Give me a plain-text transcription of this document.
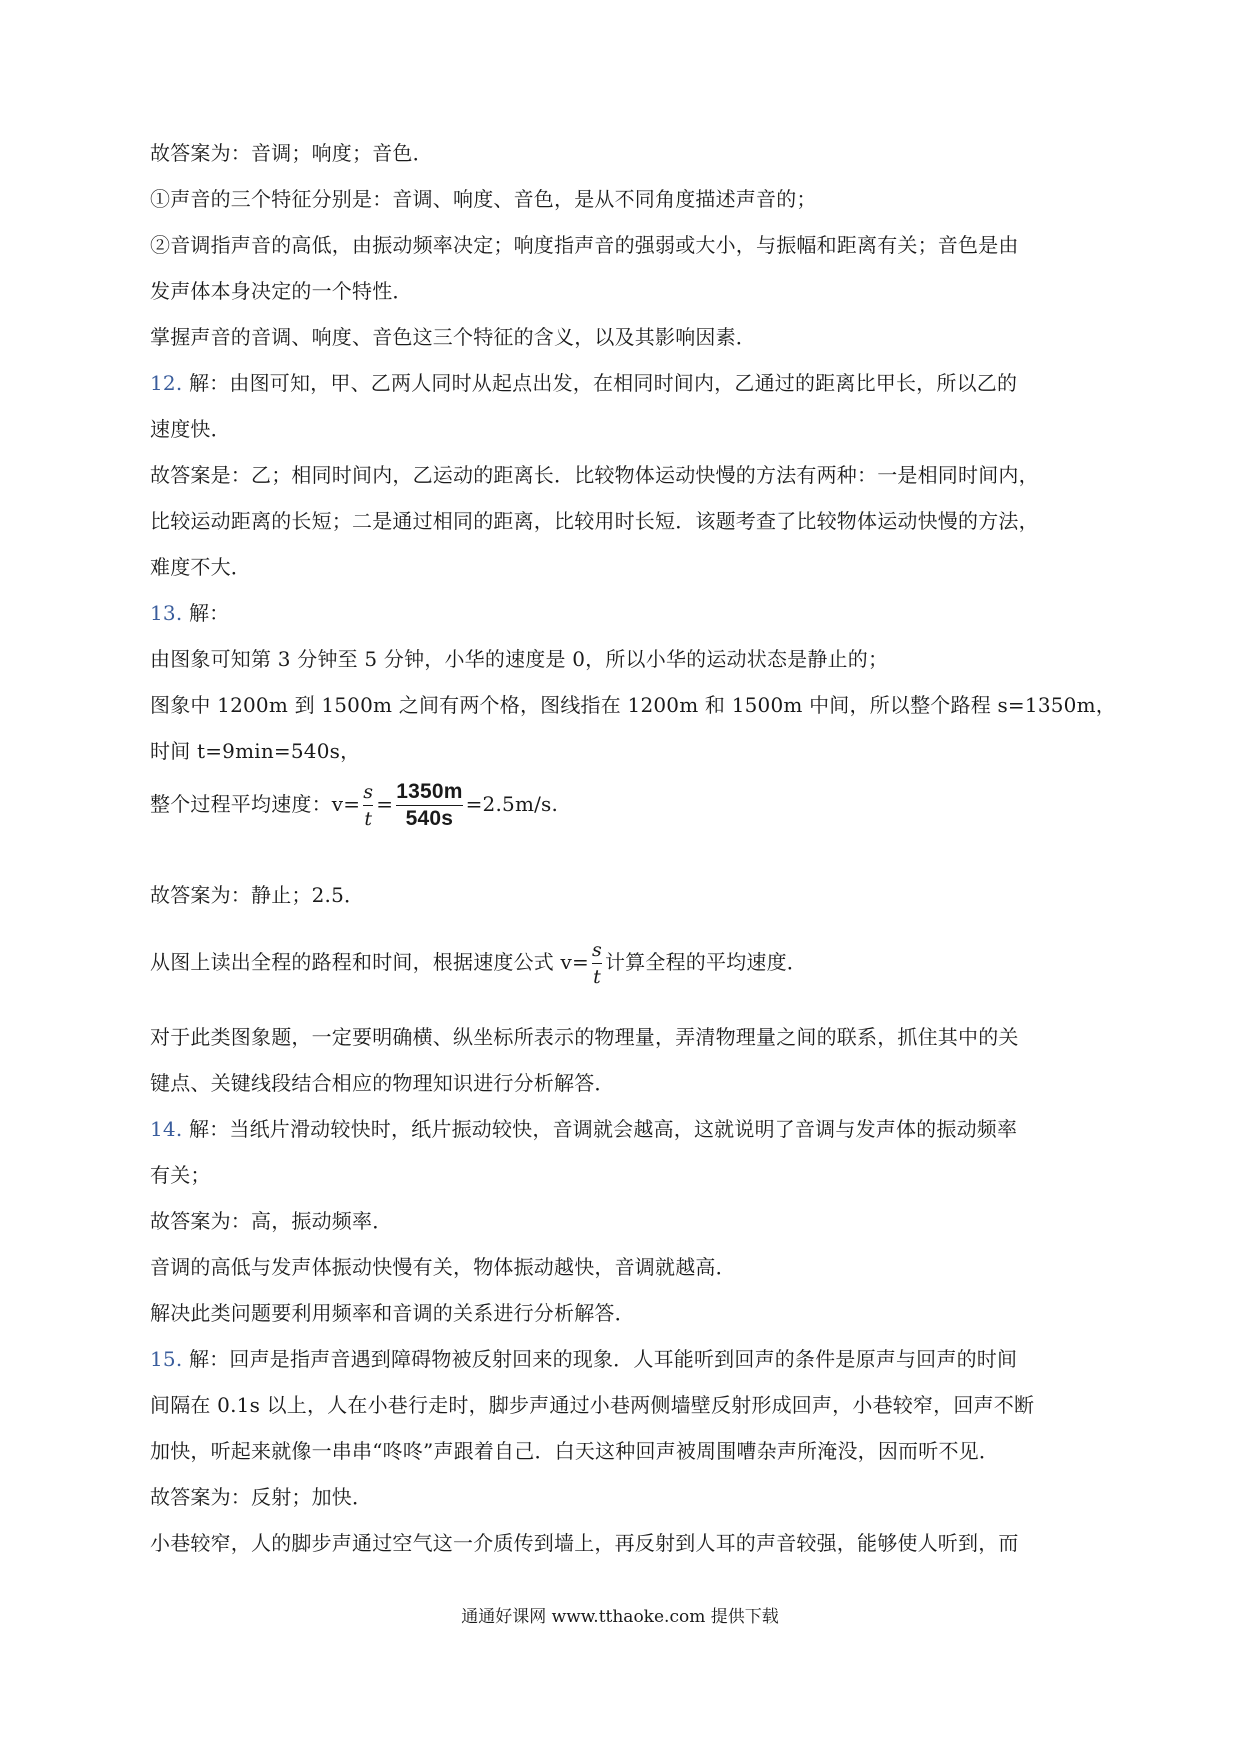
故答案为：音调；响度；音色．
①声音的三个特征分别是：音调、响度、音色，是从不同角度描述声音的；
②音调指声音的高低，由振动频率决定；响度指声音的强弱或大小，与振幅和距离有关；音色是由
发声体本身决定的一个特性．
掌握声音的音调、响度、音色这三个特征的含义，以及其影响因素．
12. 解：由图可知，甲、乙两人同时从起点出发，在相同时间内，乙通过的距离比甲长，所以乙的
速度快．
故答案是：乙；相同时间内，乙运动的距离长．比较物体运动快慢的方法有两种：一是相同时间内，
比较运动距离的长短；二是通过相同的距离，比较用时长短．该题考查了比较物体运动快慢的方法，
难度不大．
13. 解：
由图象可知第 3 分钟至 5 分钟，小华的速度是 0，所以小华的运动状态是静止的；
图象中 1200m 到 1500m 之间有两个格，图线指在 1200m 和 1500m 中间，所以整个路程 s=1350m，
时间 t=9min=540s，
整个过程平均速度：$v= \frac{s}{t} = \frac{1350m}{540s} =2.5m/s$.
故答案为：静止；2.5．
从图上读出全程的路程和时间，根据速度公式 $v= \frac{s}{t}$ 计算全程的平均速度．
对于此类图象题，一定要明确横、纵坐标所表示的物理量，弄清物理量之间的联系，抓住其中的关
键点、关键线段结合相应的物理知识进行分析解答．
14. 解：当纸片滑动较快时，纸片振动较快，音调就会越高，这就说明了音调与发声体的振动频率
有关；
故答案为：高，振动频率．
音调的高低与发声体振动快慢有关，物体振动越快，音调就越高．
解决此类问题要利用频率和音调的关系进行分析解答．
15. 解：回声是指声音遇到障碍物被反射回来的现象．人耳能听到回声的条件是原声与回声的时间
间隔在 0.1s 以上，人在小巷行走时，脚步声通过小巷两侧墙壁反射形成回声，小巷较窄，回声不断
加快，听起来就像一串串“咚咚”声跟着自己．白天这种回声被周围嘈杂声所淹没，因而听不见．
故答案为：反射；加快．
小巷较窄，人的脚步声通过空气这一介质传到墙上，再反射到人耳的声音较强，能够使人听到，而
通通好课网 www.tthaoke.com 提供下载
